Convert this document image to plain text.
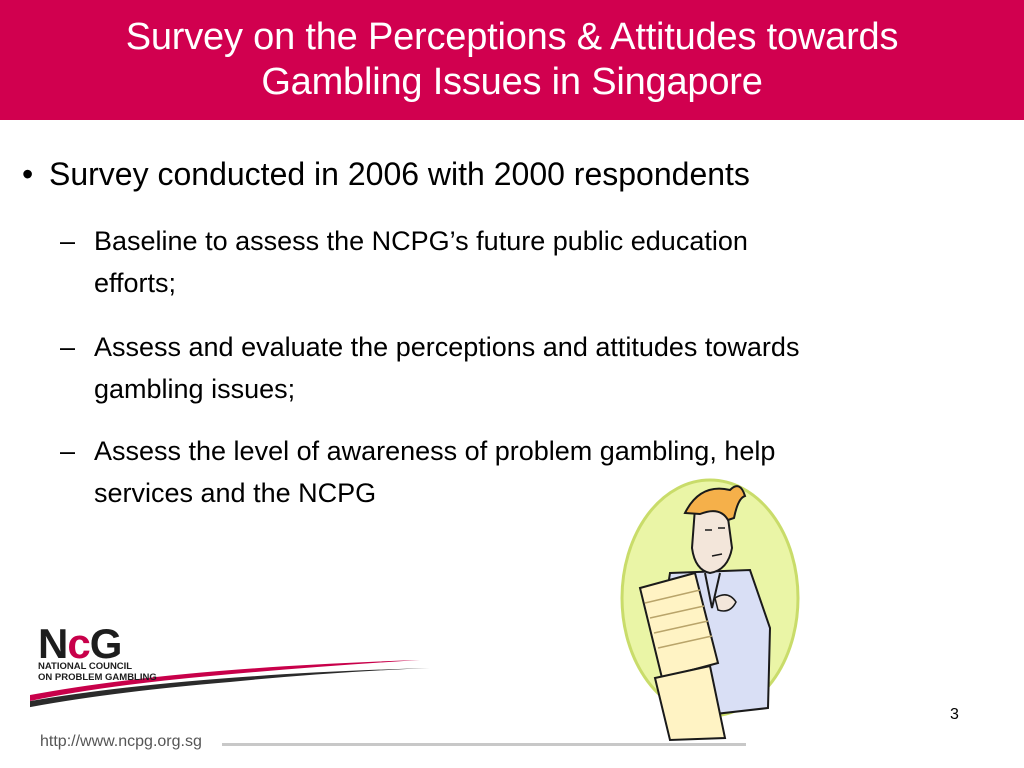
Survey on the Perceptions & Attitudes towards
Gambling Issues in Singapore
• Survey conducted in 2006 with 2000 respondents
– Baseline to assess the NCPG’s future public education
efforts;
– Assess and evaluate the perceptions and attitudes towards
gambling issues;
– Assess the level of awareness of problem gambling, help
services and the NCPG
NcG
NATIONAL COUNCIL
ON PROBLEM GAMBLING
3
http://www.ncpg.org.sg
